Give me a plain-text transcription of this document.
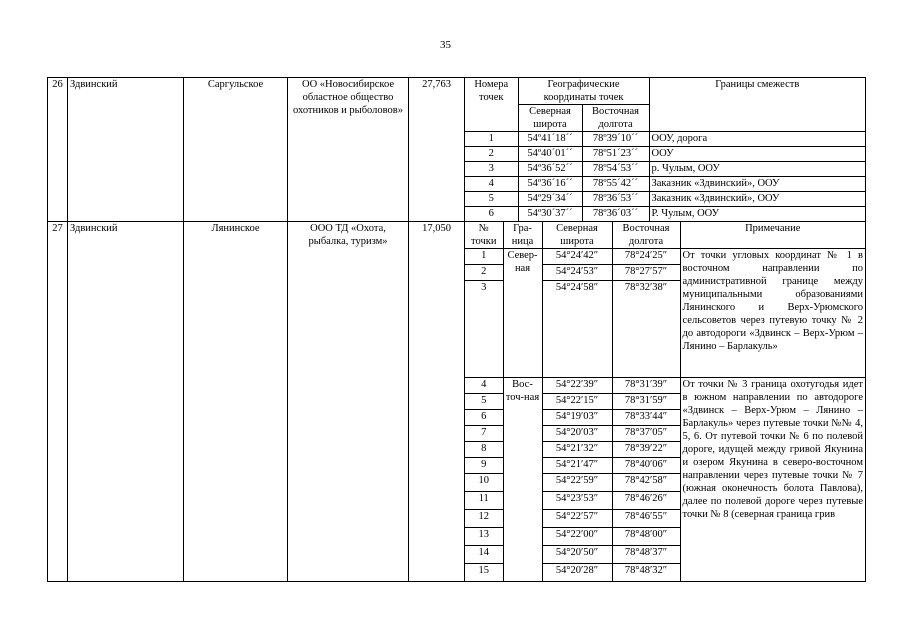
35
26	Здвинский	Саргульское	ОО «Новосибирское областное общество охотников и рыболовов»	27,763	Номера точек	Географические координаты точек	Границы смежеств
Северная широта	Восточная долгота
1	54º41´18´´	78º39´10´´	ООУ, дорога
2	54º40´01´´	78º51´23´´	ООУ
3	54º36´52´´	78º54´53´´	р. Чулым, ООУ
4	54º36´16´´	78º55´42´´	Заказник «Здвинский», ООУ
5	54º29´34´´	78º36´53´´	Заказник «Здвинский», ООУ
6	54º30´37´´	78º36´03´´	Р. Чулым, ООУ

27	Здвинский	Лянинское	ООО ТД «Охота, рыбалка, туризм»	17,050		№ точки	Гра-ница	Северная широта	Восточная долгота	Примечание
1	Север-ная	54°24′42″	78°24′25″	От точки угловых координат № 1 в восточном направлении по административной границе между муниципальными образованиями Лянинского и Верх-Урюмского сельсоветов через путевую точку № 2 до автодороги «Здвинск – Верх-Урюм – Лянино – Барлакуль»
2	54°24′53″	78°27′57″
3	54°24′58″	78°32′38″
4	Вос-точ-ная	54°22′39″	78°31′39″	От точки № 3 граница охотугодья идет в южном направлении по автодороге «Здвинск – Верх-Урюм – Лянино – Барлакуль» через путевые точки №№ 4, 5, 6. От путевой точки № 6 по полевой дороге, идущей между гривой Якунина и озером Якунина в северо-восточном направлении через путевые точки № 7 (южная оконечность болота Павлова), далее по полевой дороге через путевые точки № 8 (северная граница грив
5	54°22′15″	78°31′59″
6	54°19′03″	78°33′44″
7	54°20′03″	78°37′05″
8	54°21′32″	78°39′22″
9	54°21′47″	78°40′06″
10	54°22′59″	78°42′58″
11	54°23′53″	78°46′26″
12	54°22′57″	78°46′55″
13	54°22′00″	78°48′00″
14	54°20′50″	78°48′37″
15	54°20′28″	78°48′32″
